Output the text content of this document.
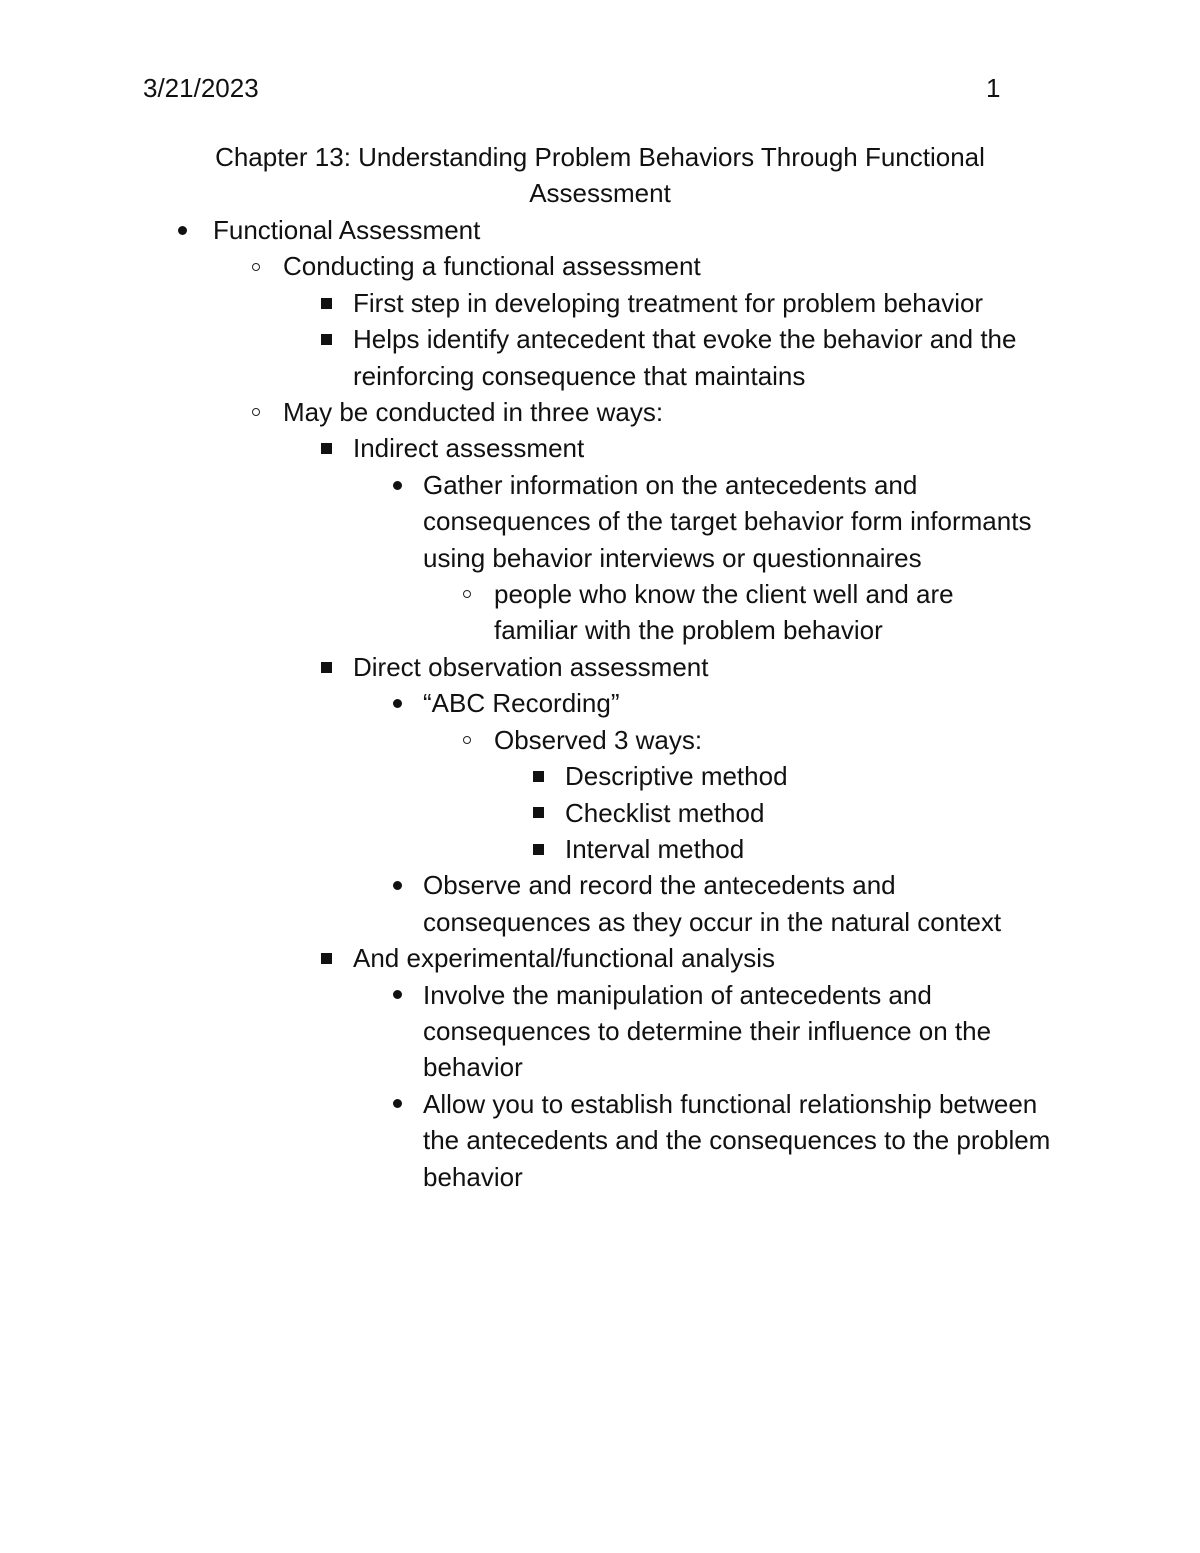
3/21/2023	1
Chapter 13: Understanding Problem Behaviors Through Functional Assessment
Functional Assessment
Conducting a functional assessment
First step in developing treatment for problem behavior
Helps identify antecedent that evoke the behavior and the reinforcing consequence that maintains
May be conducted in three ways:
Indirect assessment
Gather information on the antecedents and consequences of the target behavior form informants using behavior interviews or questionnaires
people who know the client well and are familiar with the problem behavior
Direct observation assessment
“ABC Recording”
Observed 3 ways:
Descriptive method
Checklist method
Interval method
Observe and record the antecedents and consequences as they occur in the natural context
And experimental/functional analysis
Involve the manipulation of antecedents and consequences to determine their influence on the behavior
Allow you to establish functional relationship between the antecedents and the consequences to the problem behavior
